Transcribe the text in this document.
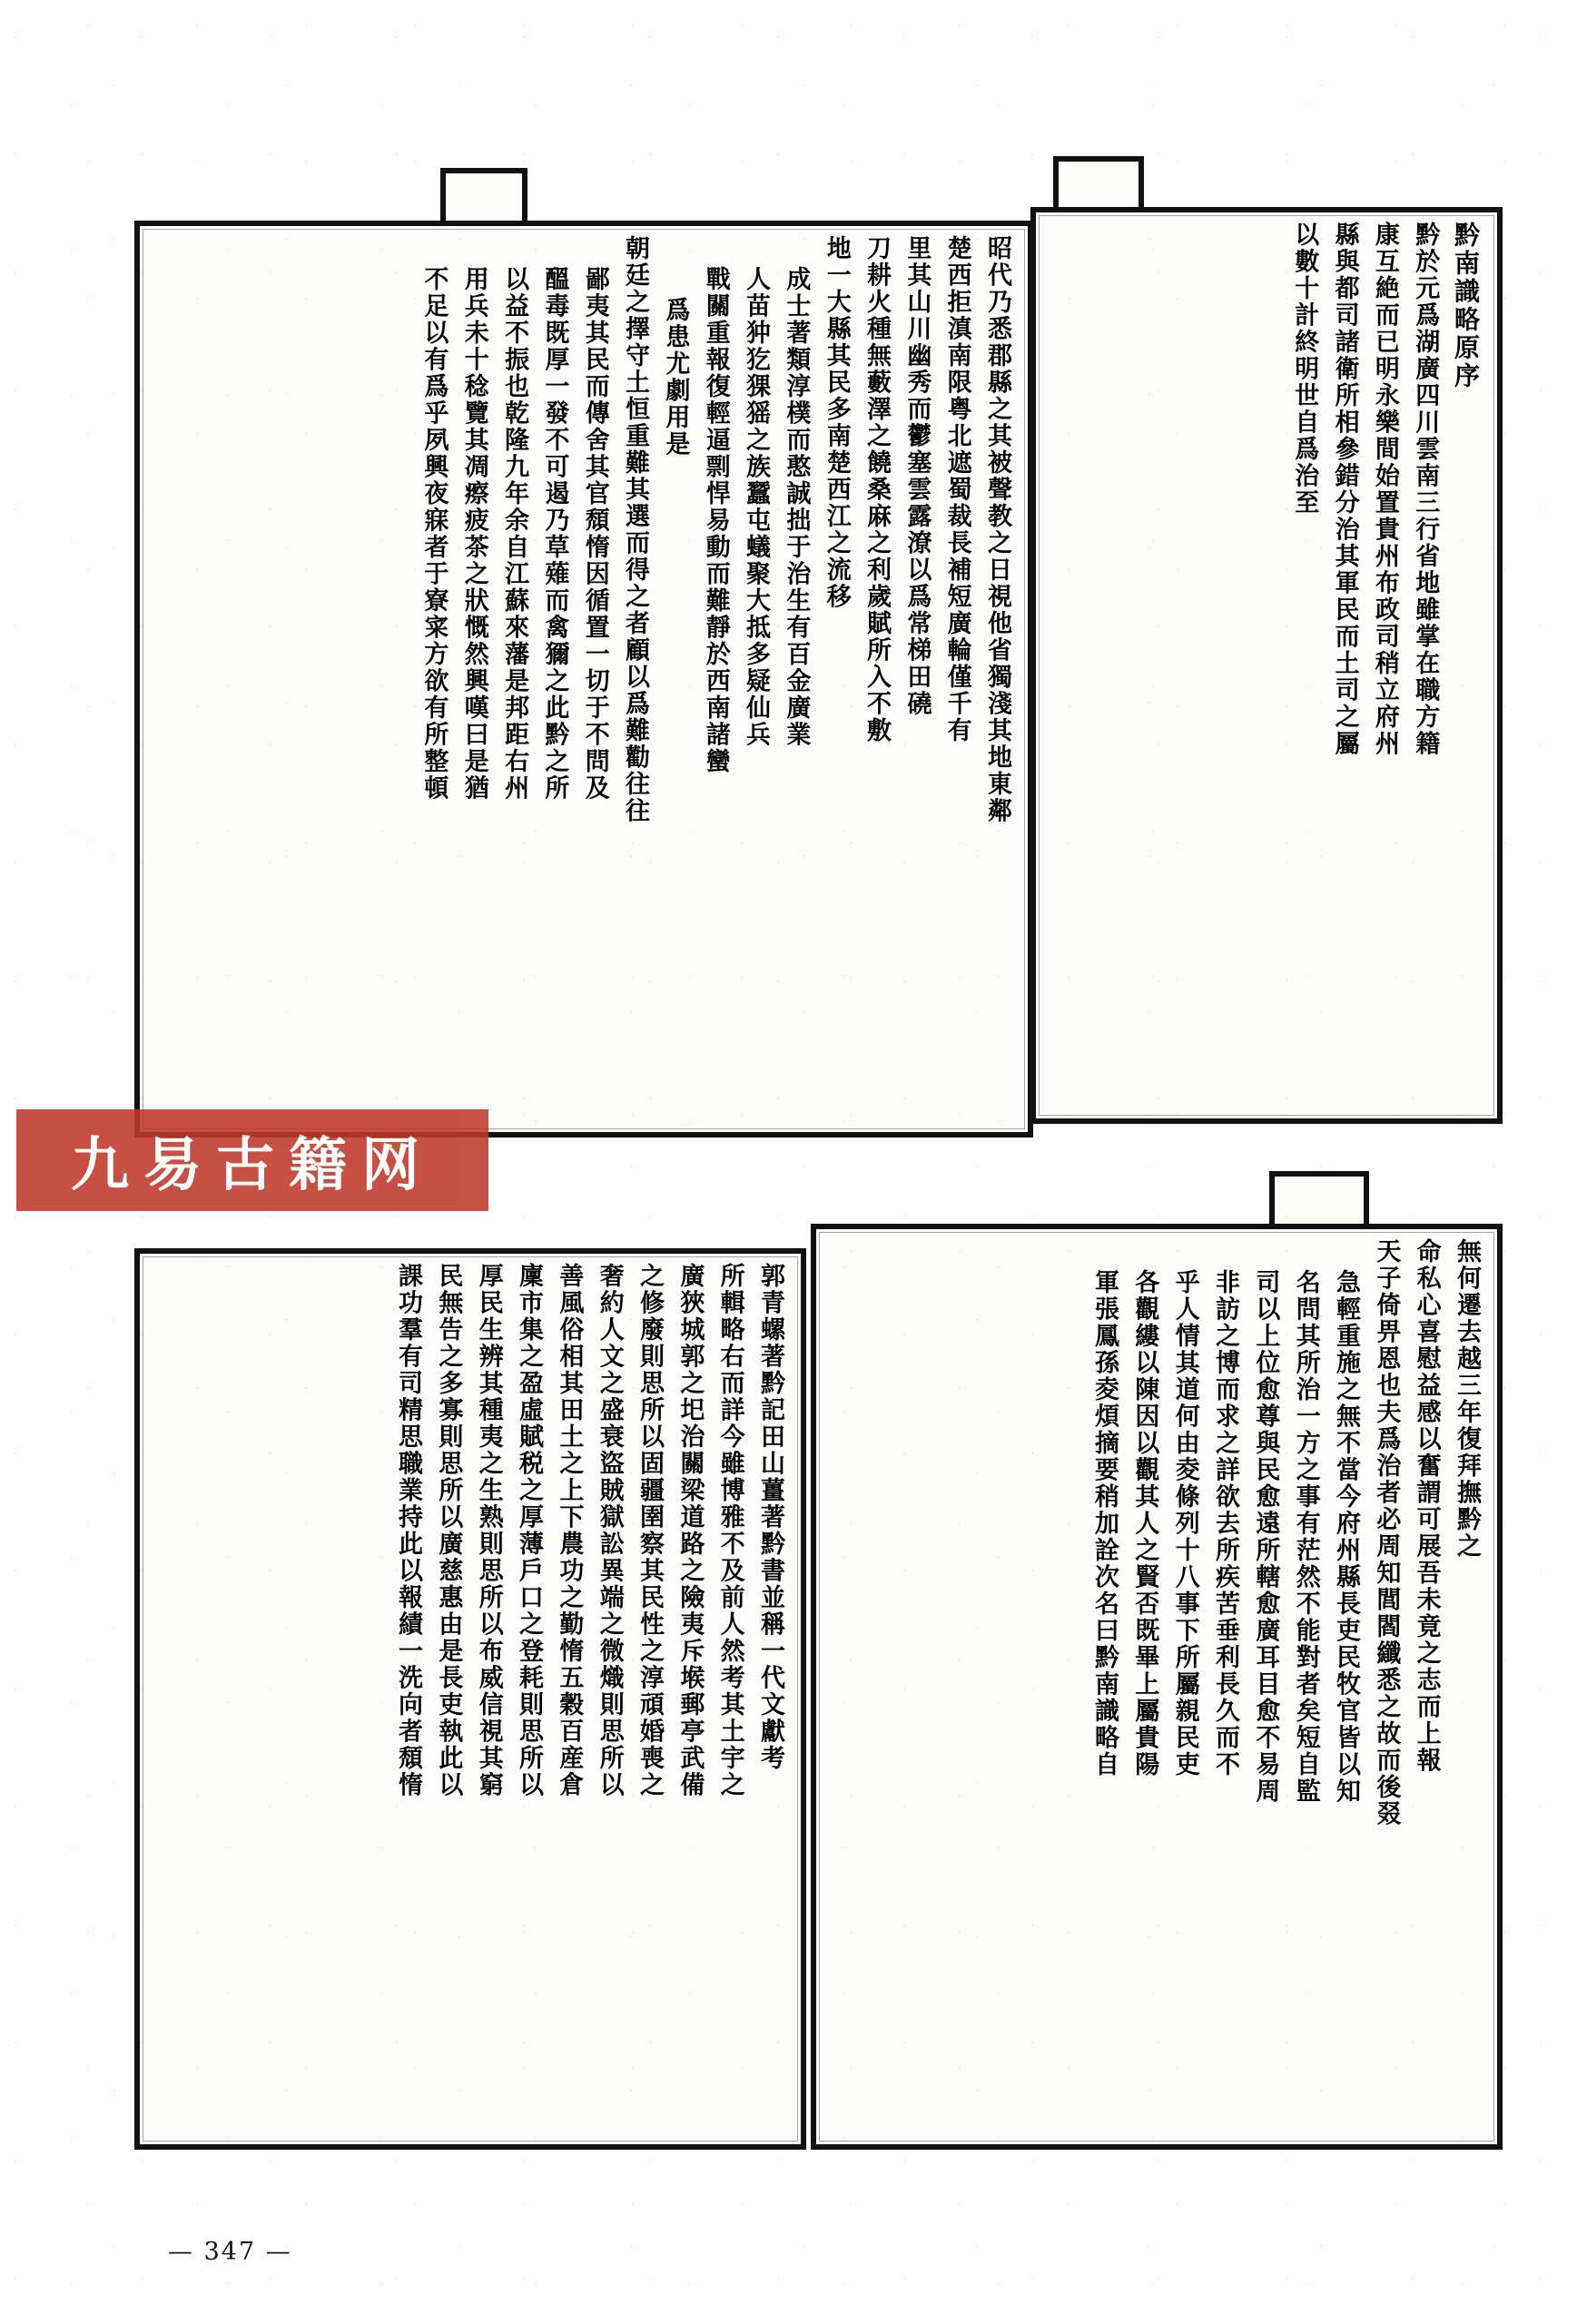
黔南識略原序
黔於元爲湖廣四川雲南三行省地雖掌在職方籍
康互絶而已明永樂間始置貴州布政司稍立府州
縣與都司諸衛所相參錯分治其軍民而土司之屬
以數十計終明世自爲治至
昭代乃悉郡縣之其被聲教之日視他省獨淺其地東鄰
楚西拒滇南限粤北遮蜀裁長補短廣輪僅千有
里其山川幽秀而鬱塞雲露潦以爲常梯田磽
刀耕火種無藪澤之饒桑麻之利歲賦所入不敷
地一大縣其民多南楚西江之流移
成士著類淳樸而憨誠拙于治生有百金廣業
人苗狆犵猓猺之族蠶屯蟻聚大抵多疑仙兵
戰關重報復輕逼剽悍易動而難靜於西南諸蠻
爲患尤劇用是
朝廷之擇守土恒重難其選而得之者顧以爲難勸往往
鄙夷其民而傳舍其官頹惰因循置一切于不問及
醞毒既厚一發不可遏乃草薙而禽獮之此黔之所
以益不振也乾隆九年余自江蘇來藩是邦距右州
用兵未十稔覽其凋瘵疲茶之狀慨然興嘆曰是猶
不足以有爲乎夙興夜寐者于寮寀方欲有所整頓
無何遷去越三年復拜撫黔之
命私心喜慰益感以奮謂可展吾未竟之志而上報
天子倚畀恩也夫爲治者必周知閭閻纖悉之故而後叕
急輕重施之無不當今府州縣長吏民牧官皆以知
名問其所治一方之事有茫然不能對者矣短自監
司以上位愈尊與民愈遠所轄愈廣耳目愈不易周
非訪之博而求之詳欲去所疾苦垂利長久而不
乎人情其道何由夌條列十八事下所屬親民吏
各觀縷以陳因以觀其人之賢否既畢上屬貴陽
軍張鳳孫夌煩摘要稍加詮次名曰黔南識略自
郭青螺著黔記田山薑著黔書並稱一代文獻考
所輯略右而詳今雖博雅不及前人然考其土宇之
廣狹城郭之圯治關梁道路之險夷斥堠郵亭武備
之修廢則思所以固疆圉察其民性之淳頑婚喪之
奢約人文之盛衰盜賊獄訟異端之微熾則思所以
善風俗相其田土之上下農功之勤惰五穀百産倉
廩市集之盈虛賦税之厚薄戶口之登耗則思所以
厚民生辨其種夷之生熟則思所以布威信視其窮
民無告之多寡則思所以廣慈惠由是長吏執此以
課功羣有司精思職業持此以報績一洗向者頹惰
九易古籍网
— 347 —
